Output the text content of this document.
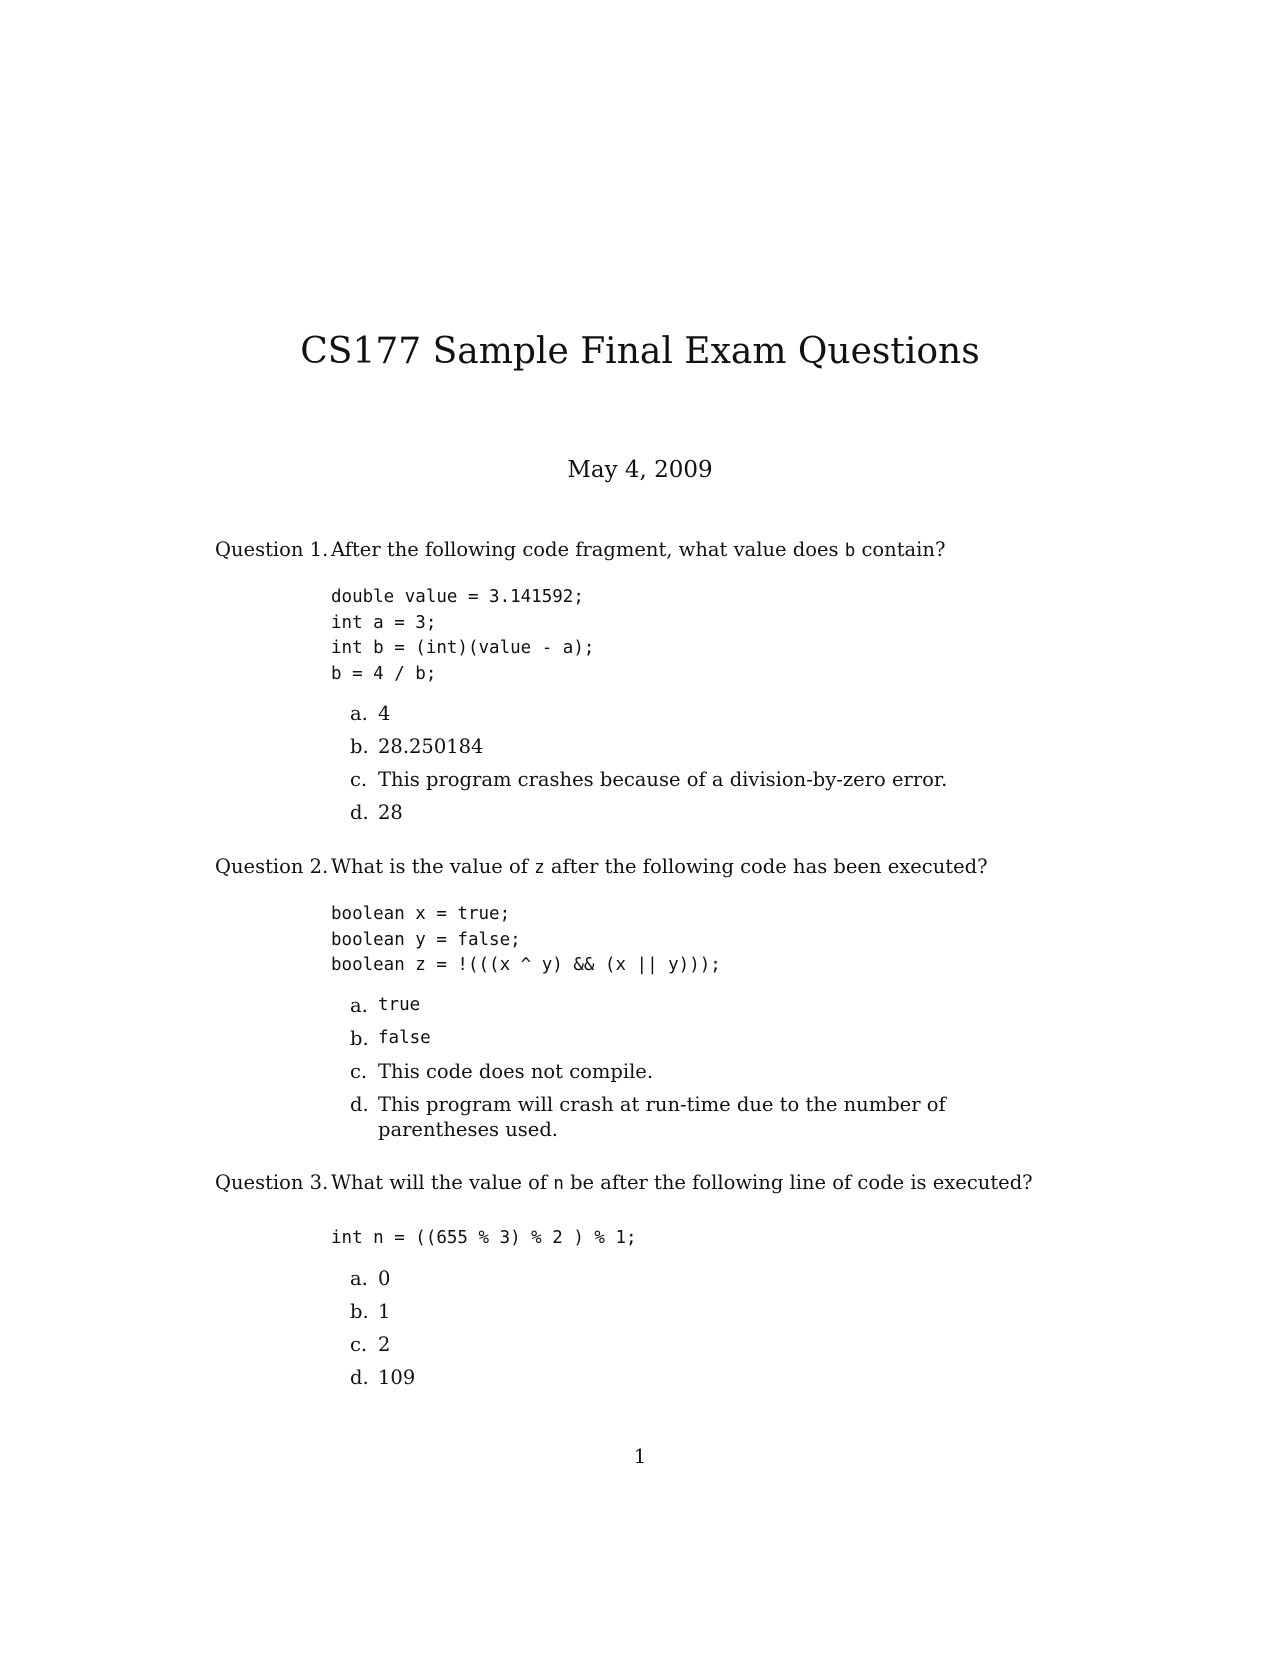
CS177 Sample Final Exam Questions
May 4, 2009
Question 1. After the following code fragment, what value does b contain?
double value = 3.141592;
int a = 3;
int b = (int)(value - a);
b = 4 / b;
a. 4
b. 28.250184
c. This program crashes because of a division-by-zero error.
d. 28
Question 2. What is the value of z after the following code has been executed?
boolean x = true;
boolean y = false;
boolean z = !(((x ^ y) && (x || y)));
a. true
b. false
c. This code does not compile.
d. This program will crash at run-time due to the number of parentheses used.
Question 3. What will the value of n be after the following line of code is executed?
int n = ((655 % 3) % 2 ) % 1;
a. 0
b. 1
c. 2
d. 109
1
